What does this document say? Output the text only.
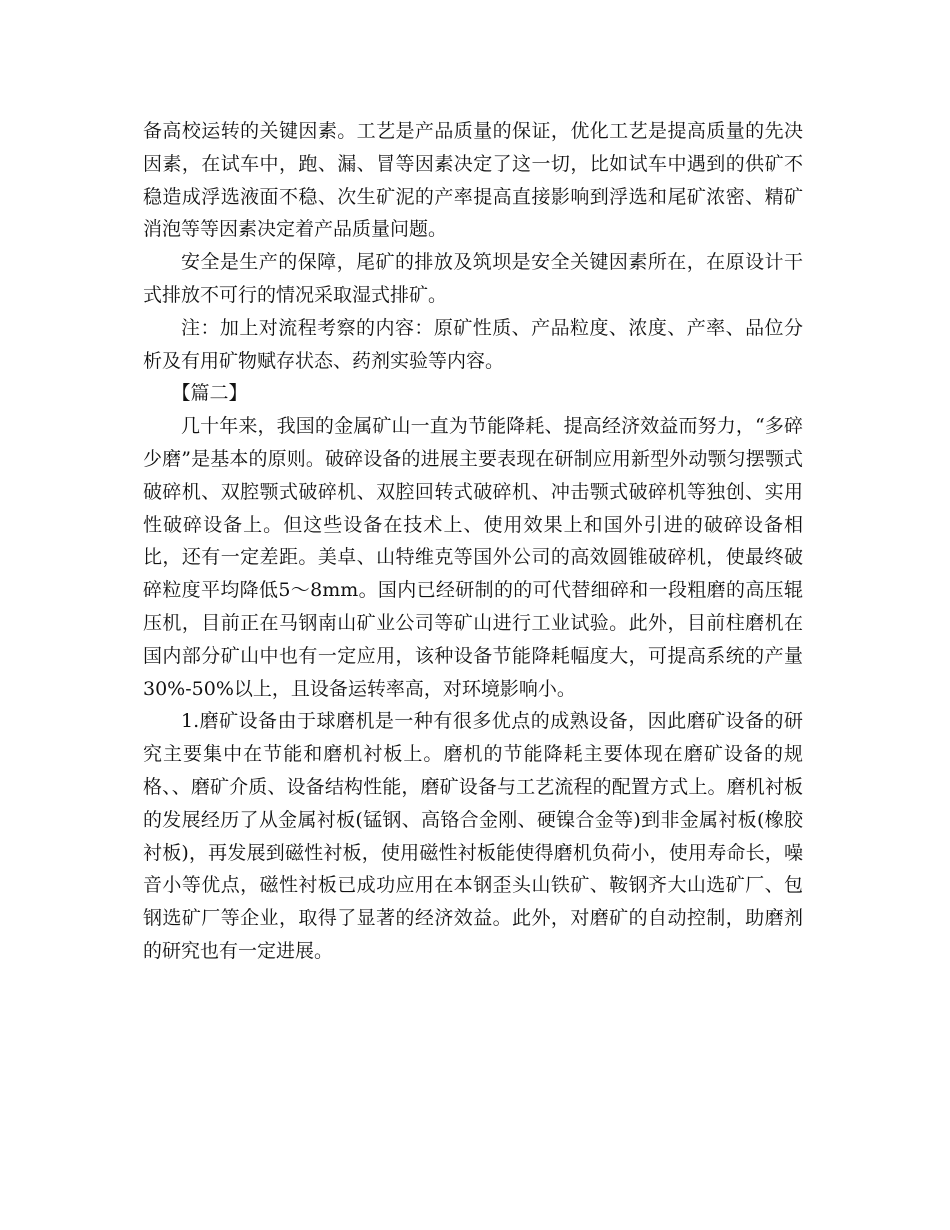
备高校运转的关键因素。工艺是产品质量的保证，优化工艺是提高质量的先决因素，在试车中，跑、漏、冒等因素决定了这一切，比如试车中遇到的供矿不稳造成浮选液面不稳、次生矿泥的产率提高直接影响到浮选和尾矿浓密、精矿消泡等等因素决定着产品质量问题。

安全是生产的保障，尾矿的排放及筑坝是安全关键因素所在，在原设计干式排放不可行的情况采取湿式排矿。

注：加上对流程考察的内容：原矿性质、产品粒度、浓度、产率、品位分析及有用矿物赋存状态、药剂实验等内容。

【篇二】

几十年来，我国的金属矿山一直为节能降耗、提高经济效益而努力，“多碎少磨”是基本的原则。破碎设备的进展主要表现在研制应用新型外动颚匀摆颚式破碎机、双腔颚式破碎机、双腔回转式破碎机、冲击颚式破碎机等独创、实用性破碎设备上。但这些设备在技术上、使用效果上和国外引进的破碎设备相比，还有一定差距。美卓、山特维克等国外公司的高效圆锥破碎机，使最终破碎粒度平均降低5～8mm。国内已经研制的的可代替细碎和一段粗磨的高压辊压机，目前正在马钢南山矿业公司等矿山进行工业试验。此外，目前柱磨机在国内部分矿山中也有一定应用，该种设备节能降耗幅度大，可提高系统的产量30%-50%以上，且设备运转率高，对环境影响小。

1.磨矿设备由于球磨机是一种有很多优点的成熟设备，因此磨矿设备的研究主要集中在节能和磨机衬板上。磨机的节能降耗主要体现在磨矿设备的规格、、磨矿介质、设备结构性能，磨矿设备与工艺流程的配置方式上。磨机衬板的发展经历了从金属衬板(锰钢、高铬合金刚、硬镍合金等)到非金属衬板(橡胶衬板)，再发展到磁性衬板，使用磁性衬板能使得磨机负荷小，使用寿命长，噪音小等优点，磁性衬板已成功应用在本钢歪头山铁矿、鞍钢齐大山选矿厂、包钢选矿厂等企业，取得了显著的经济效益。此外，对磨矿的自动控制，助磨剂的研究也有一定进展。
